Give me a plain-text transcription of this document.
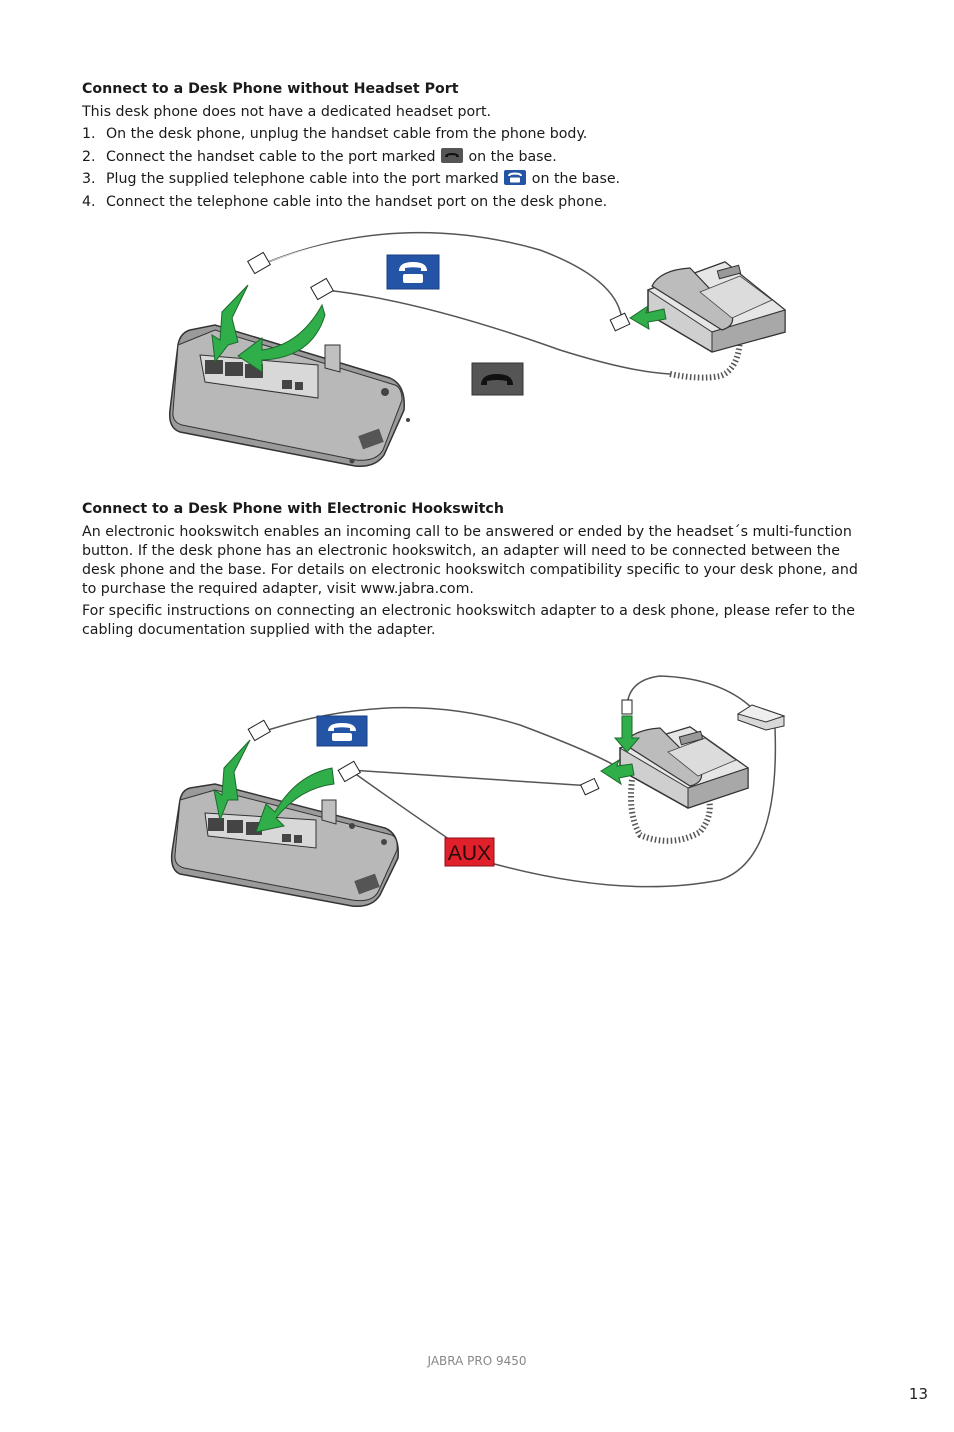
Connect to a Desk Phone without Headset Port

This desk phone does not have a dedicated headset port.

1. On the desk phone, unplug the handset cable from the phone body.
2. Connect the handset cable to the port marked on the base.
3. Plug the supplied telephone cable into the port marked on the base.
4. Connect the telephone cable into the handset port on the desk phone.
Connect to a Desk Phone with Electronic Hookswitch

An electronic hookswitch enables an incoming call to be answered or ended by the headset´s multi-function button. If the desk phone has an electronic hookswitch, an adapter will need to be connected between the desk phone and the base. For details on electronic hookswitch compatibility specific to your desk phone, and to purchase the required adapter, visit www.jabra.com.

For specific instructions on connecting an electronic hookswitch adapter to a desk phone, please refer to the cabling documentation supplied with the adapter.

AUX
JABRA PRO 9450
13
